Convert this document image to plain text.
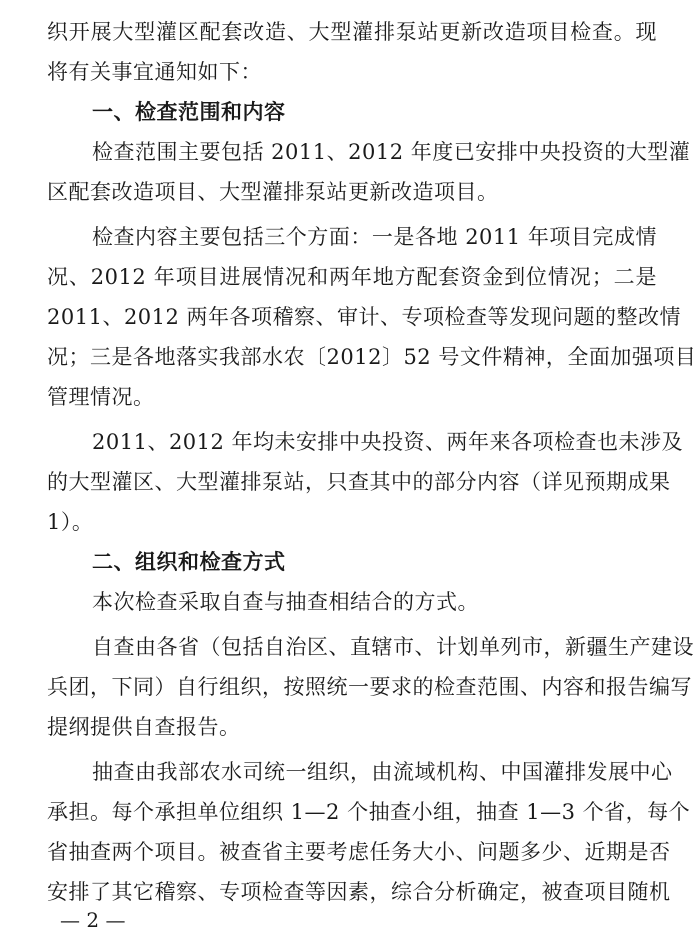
织开展大型灌区配套改造、大型灌排泵站更新改造项目检查。现
将有关事宜通知如下：
一、检查范围和内容
检查范围主要包括 2011、2012 年度已安排中央投资的大型灌
区配套改造项目、大型灌排泵站更新改造项目。
检查内容主要包括三个方面：一是各地 2011 年项目完成情
况、2012 年项目进展情况和两年地方配套资金到位情况；二是
2011、2012 两年各项稽察、审计、专项检查等发现问题的整改情
况；三是各地落实我部水农〔2012〕52 号文件精神，全面加强项目
管理情况。
2011、2012 年均未安排中央投资、两年来各项检查也未涉及
的大型灌区、大型灌排泵站，只查其中的部分内容（详见预期成果
1）。
二、组织和检查方式
本次检查采取自查与抽查相结合的方式。
自查由各省（包括自治区、直辖市、计划单列市，新疆生产建设
兵团，下同）自行组织，按照统一要求的检查范围、内容和报告编写
提纲提供自查报告。
抽查由我部农水司统一组织，由流域机构、中国灌排发展中心
承担。每个承担单位组织 1—2 个抽查小组，抽查 1—3 个省，每个
省抽查两个项目。被查省主要考虑任务大小、问题多少、近期是否
安排了其它稽察、专项检查等因素，综合分析确定，被查项目随机
— 2 —
